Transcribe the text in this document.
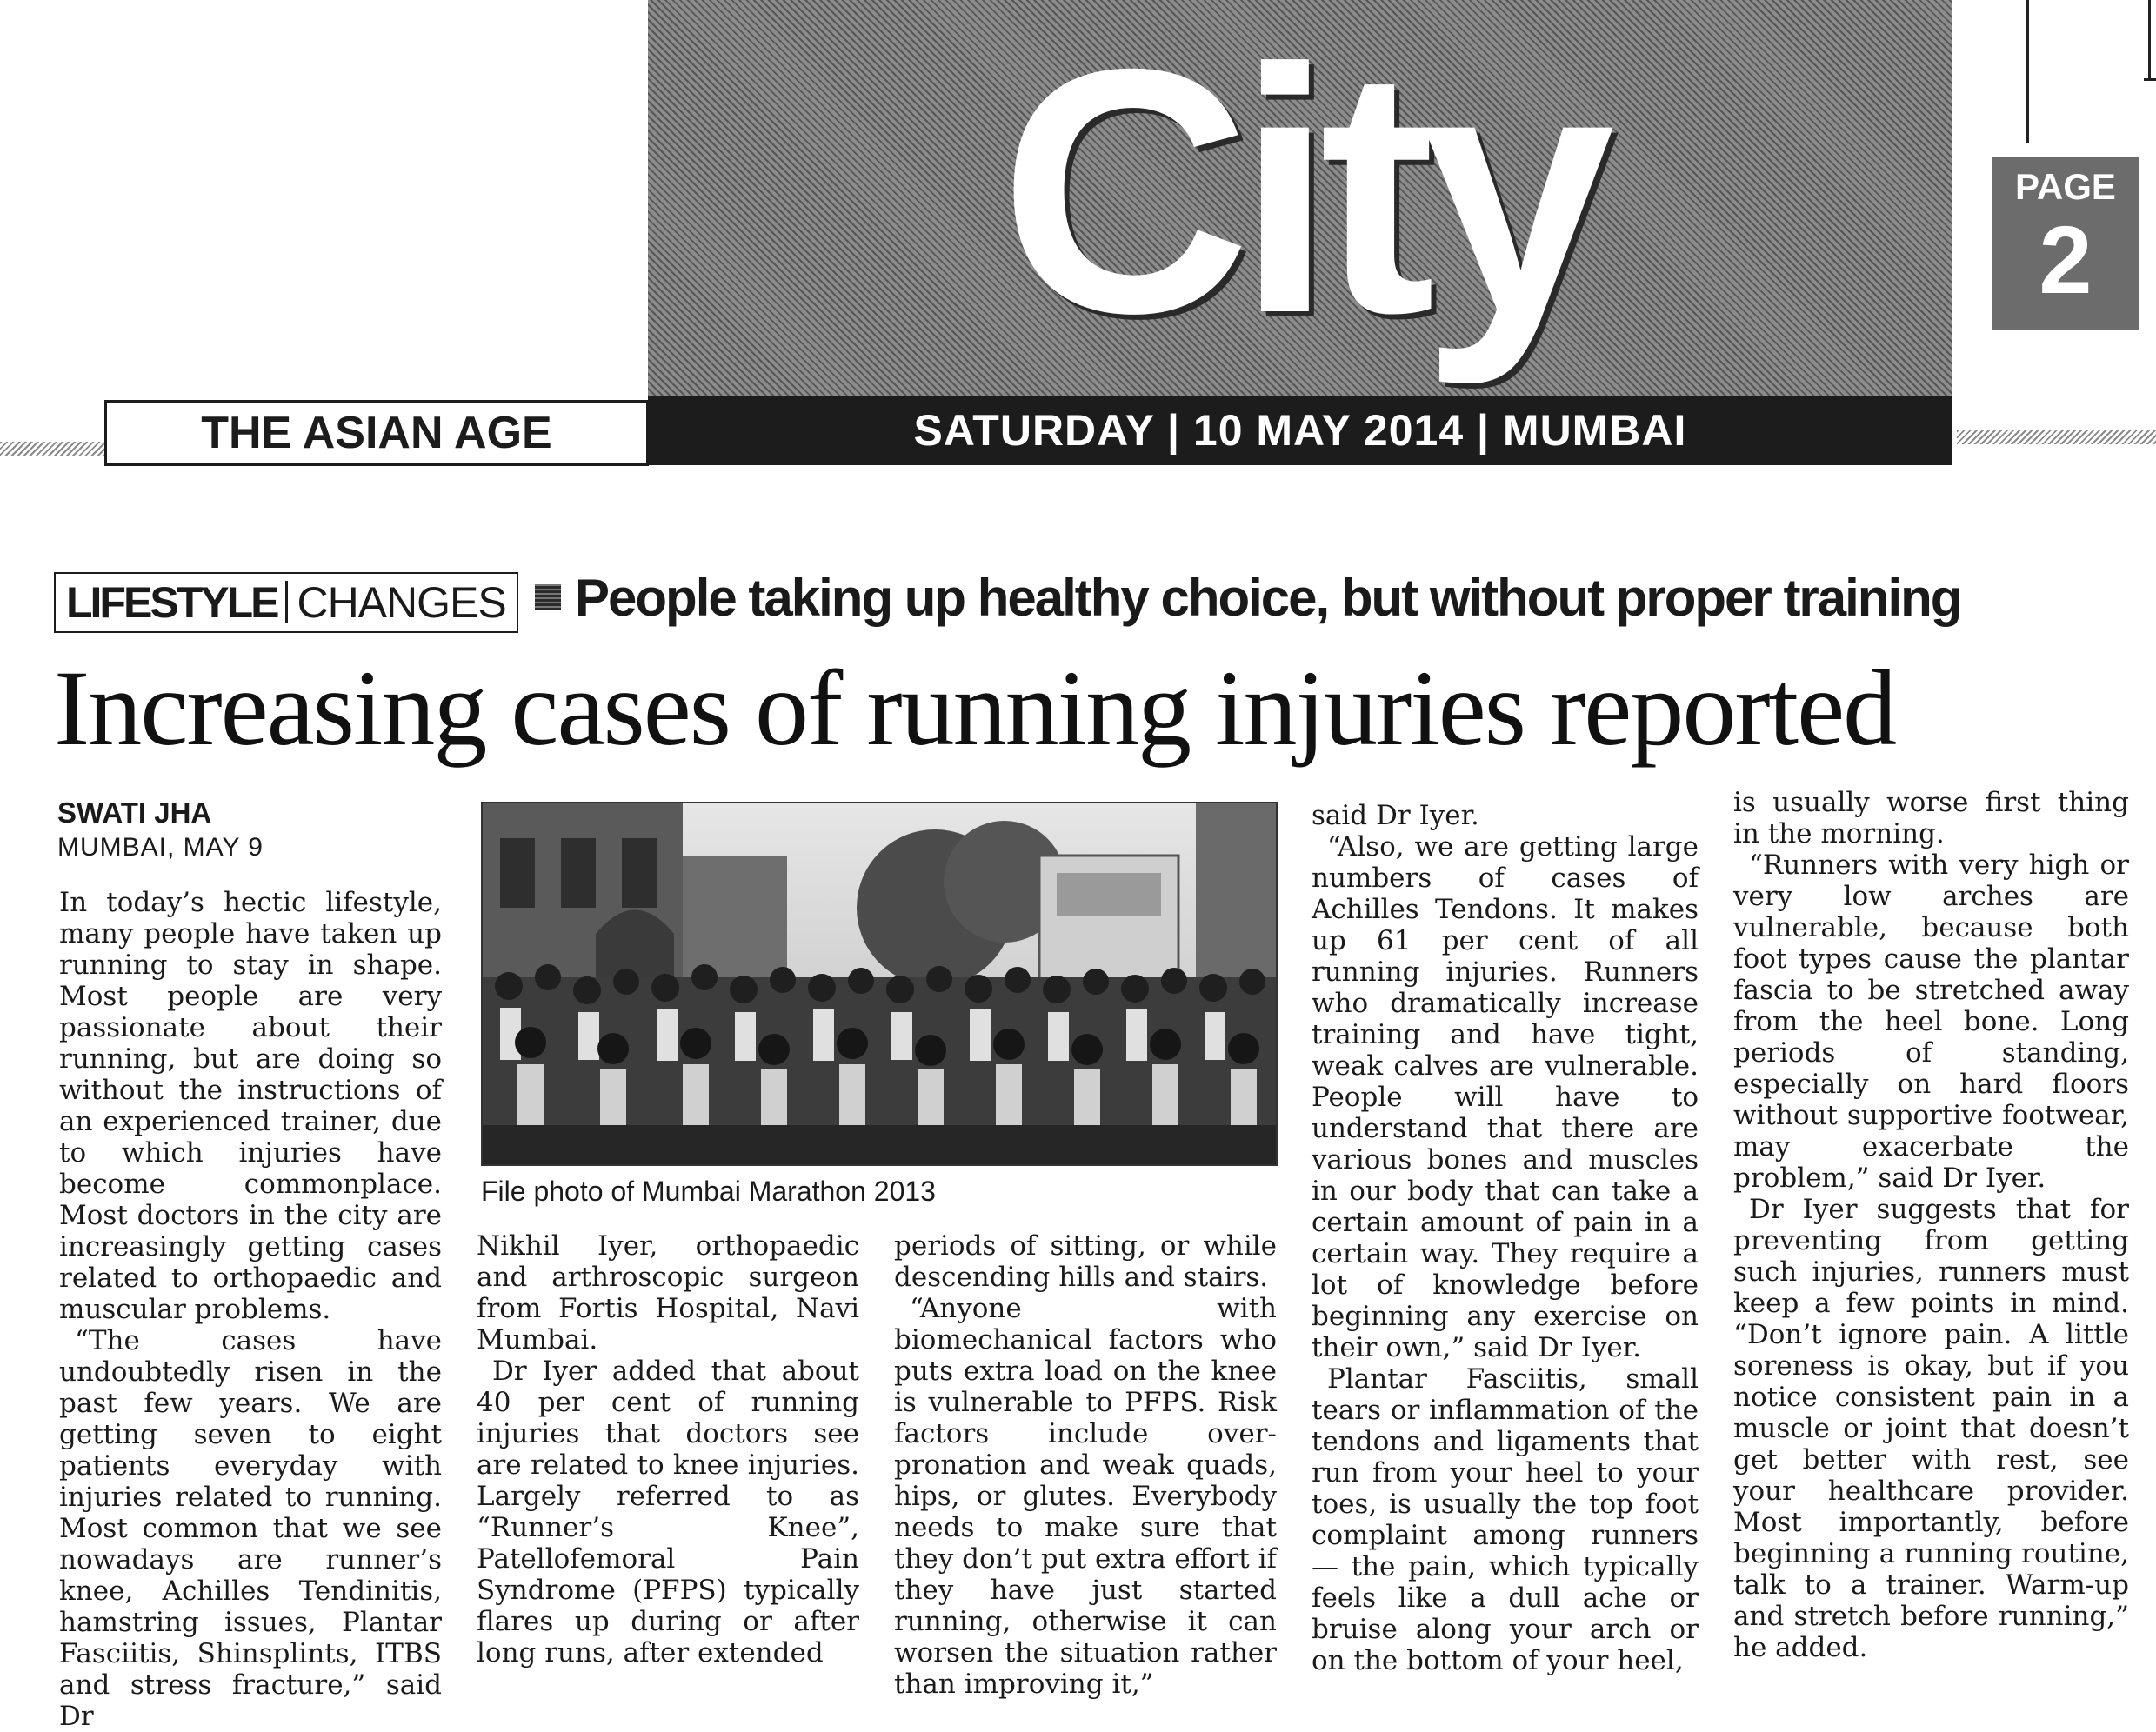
City
THE ASIAN AGE	SATURDAY | 10 MAY 2014 | MUMBAI
PAGE
2
LIFESTYLE CHANGES	People taking up healthy choice, but without proper training
Increasing cases of running injuries reported
SWATI JHA
MUMBAI, MAY 9
File photo of Mumbai Marathon 2013

In today’s hectic lifestyle, many people have taken up running to stay in shape. Most people are very passionate about their running, but are doing so without the instructions of an experienced trainer, due to which injuries have become commonplace. Most doctors in the city are increasingly getting cases related to orthopaedic and muscular problems.

“The cases have undoubtedly risen in the past few years. We are getting seven to eight patients everyday with injuries related to running. Most common that we see nowadays are runner’s knee, Achilles Tendinitis, hamstring issues, Plantar Fasciitis, Shinsplints, ITBS and stress fracture,” said Dr

Nikhil Iyer, orthopaedic and arthroscopic surgeon from Fortis Hospital, Navi Mumbai.

Dr Iyer added that about 40 per cent of running injuries that doctors see are related to knee injuries. Largely referred to as “Runner’s Knee”, Patellofemoral Pain Syndrome (PFPS) typically flares up during or after long runs, after extended

periods of sitting, or while descending hills and stairs.

“Anyone with biomechanical factors who puts extra load on the knee is vulnerable to PFPS. Risk factors include over-pronation and weak quads, hips, or glutes. Everybody needs to make sure that they don’t put extra effort if they have just started running, otherwise it can worsen the situation rather than improving it,”

said Dr Iyer.

“Also, we are getting large numbers of cases of Achilles Tendons. It makes up 61 per cent of all running injuries. Runners who dramatically increase training and have tight, weak calves are vulnerable. People will have to understand that there are various bones and muscles in our body that can take a certain amount of pain in a certain way. They require a lot of knowledge before beginning any exercise on their own,” said Dr Iyer.

Plantar Fasciitis, small tears or inflammation of the tendons and ligaments that run from your heel to your toes, is usually the top foot complaint among runners — the pain, which typically feels like a dull ache or bruise along your arch or on the bottom of your heel,

is usually worse first thing in the morning.

“Runners with very high or very low arches are vulnerable, because both foot types cause the plantar fascia to be stretched away from the heel bone. Long periods of standing, especially on hard floors without supportive footwear, may exacerbate the problem,” said Dr Iyer.

Dr Iyer suggests that for preventing from getting such injuries, runners must keep a few points in mind. “Don’t ignore pain. A little soreness is okay, but if you notice consistent pain in a muscle or joint that doesn’t get better with rest, see your healthcare provider. Most importantly, before beginning a running routine, talk to a trainer. Warm-up and stretch before running,” he added.
